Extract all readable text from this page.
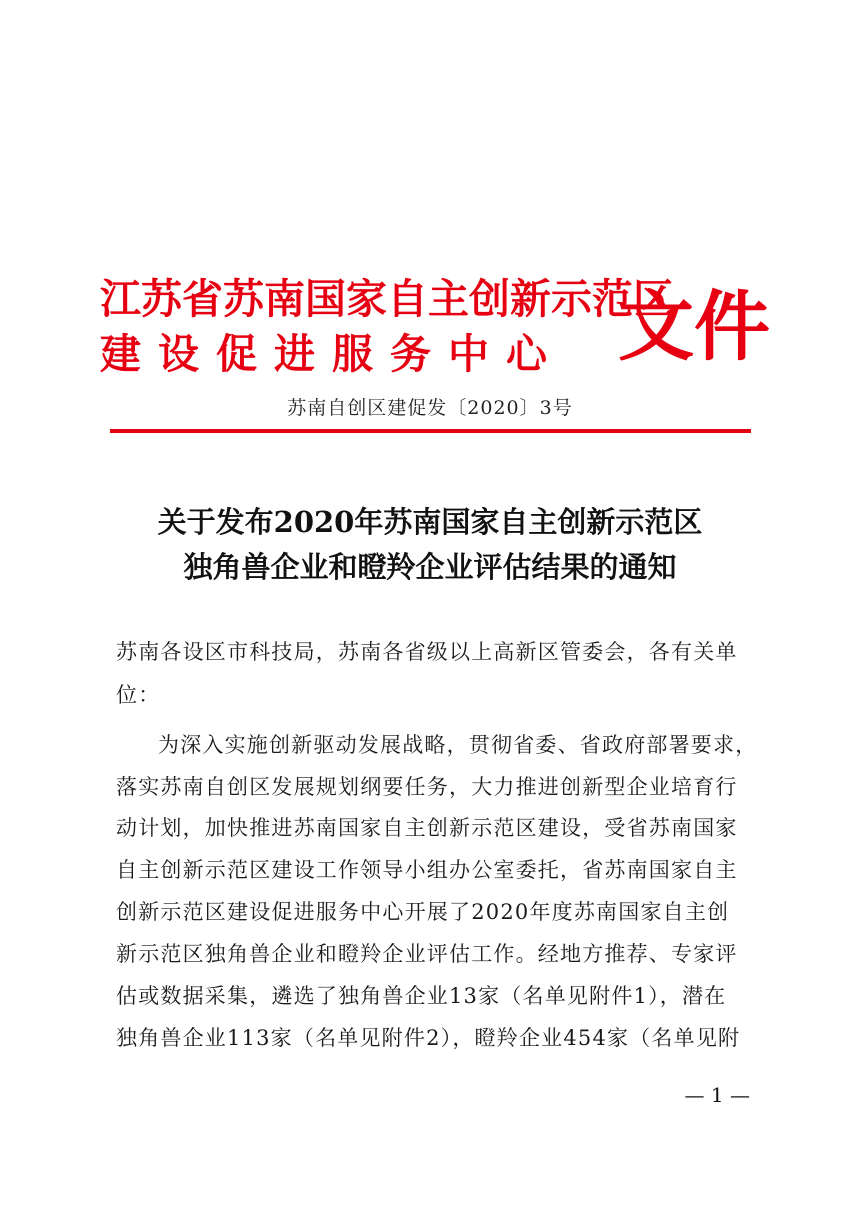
江苏省苏南国家自主创新示范区
建设促进服务中心 文件
苏南自创区建促发〔2020〕3号
关于发布2020年苏南国家自主创新示范区
独角兽企业和瞪羚企业评估结果的通知
苏南各设区市科技局，苏南各省级以上高新区管委会，各有关单
位：
为深入实施创新驱动发展战略，贯彻省委、省政府部署要求，
落实苏南自创区发展规划纲要任务，大力推进创新型企业培育行
动计划，加快推进苏南国家自主创新示范区建设，受省苏南国家
自主创新示范区建设工作领导小组办公室委托，省苏南国家自主
创新示范区建设促进服务中心开展了2020年度苏南国家自主创
新示范区独角兽企业和瞪羚企业评估工作。经地方推荐、专家评
估或数据采集，遴选了独角兽企业13家（名单见附件1），潜在
独角兽企业113家（名单见附件2），瞪羚企业454家（名单见附
— 1 —
